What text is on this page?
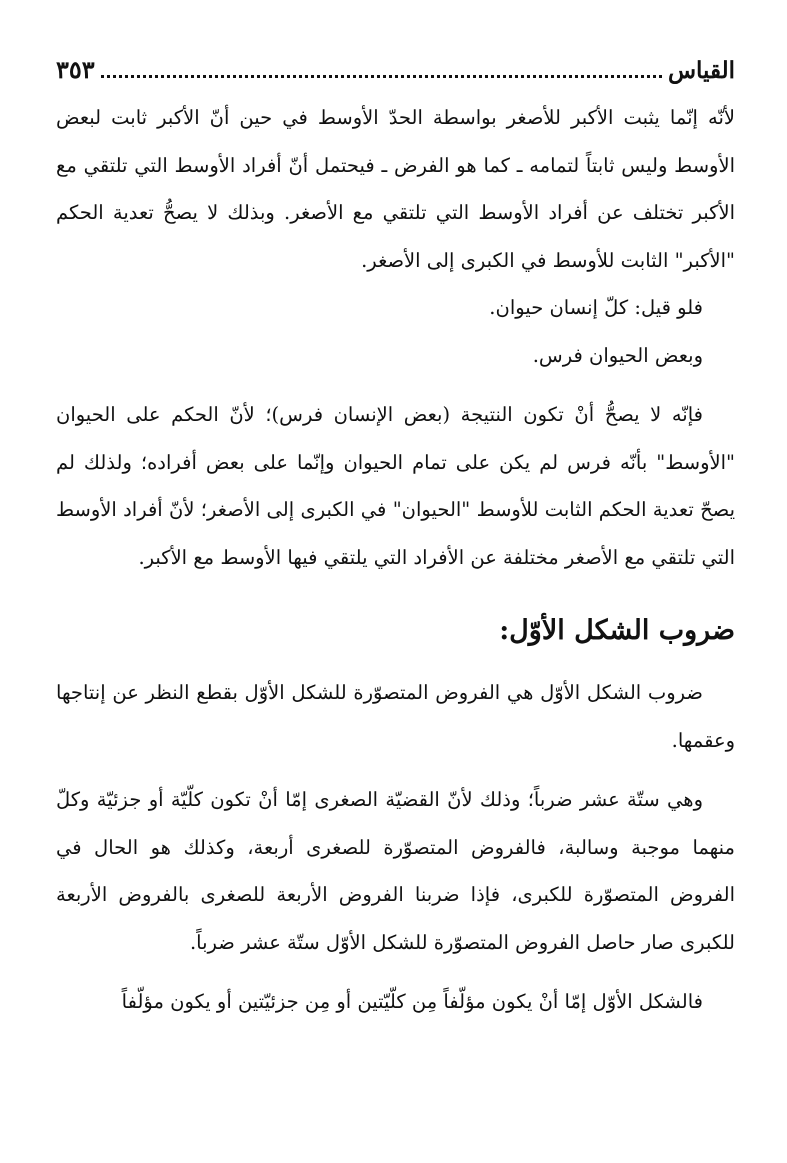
القياس
٣٥٣

لأنّه إنّما يثبت الأكبر للأصغر بواسطة الحدّ الأوسط في حين أنّ الأكبر ثابت لبعض الأوسط وليس ثابتاً لتمامه ـ كما هو الفرض ـ فيحتمل أنّ أفراد الأوسط التي تلتقي مع الأكبر تختلف عن أفراد الأوسط التي تلتقي مع الأصغر. وبذلك لا يصحُّ تعدية الحكم "الأكبر" الثابت للأوسط في الكبرى إلى الأصغر.

فلو قيل: كلّ إنسان حيوان.

وبعض الحيوان فرس.

فإنّه لا يصحُّ أنْ تكون النتيجة (بعض الإنسان فرس)؛ لأنّ الحكم على الحيوان "الأوسط" بأنّه فرس لم يكن على تمام الحيوان وإنّما على بعض أفراده؛ ولذلك لم يصحّ تعدية الحكم الثابت للأوسط "الحيوان" في الكبرى إلى الأصغر؛ لأنّ أفراد الأوسط التي تلتقي مع الأصغر مختلفة عن الأفراد التي يلتقي فيها الأوسط مع الأكبر.

ضروب الشكل الأوّل:

ضروب الشكل الأوّل هي الفروض المتصوّرة للشكل الأوّل بقطع النظر عن إنتاجها وعقمها.

وهي ستّة عشر ضرباً؛ وذلك لأنّ القضيّة الصغرى إمّا أنْ تكون كلّيّة أو جزئيّة وكلّ منهما موجبة وسالبة، فالفروض المتصوّرة للصغرى أربعة، وكذلك هو الحال في الفروض المتصوّرة للكبرى، فإذا ضربنا الفروض الأربعة للصغرى بالفروض الأربعة للكبرى صار حاصل الفروض المتصوّرة للشكل الأوّل ستّة عشر ضرباً.

فالشكل الأوّل إمّا أنْ يكون مؤلّفاً مِن كلّيّتين أو مِن جزئيّتين أو يكون مؤلّفاً
